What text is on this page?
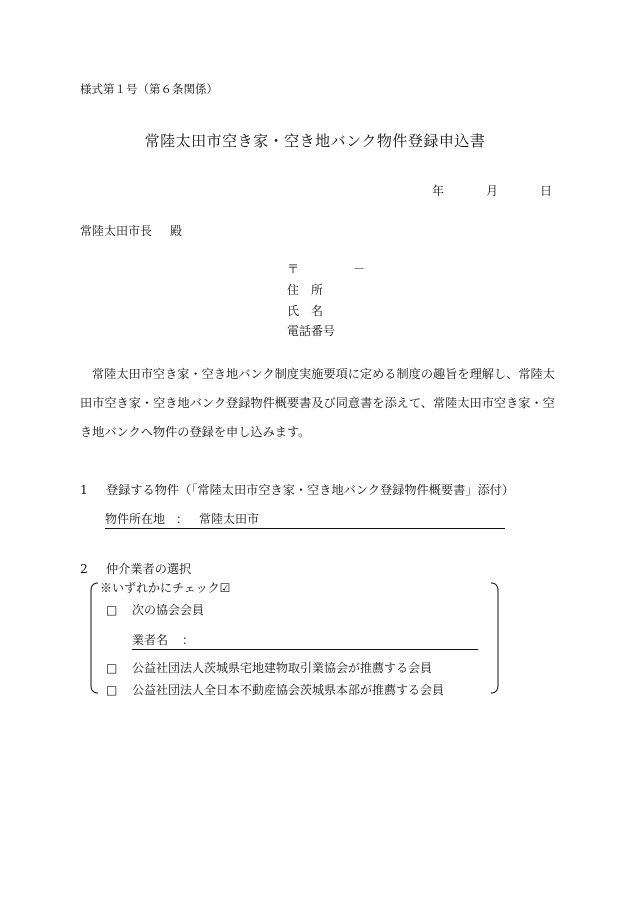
様式第１号（第６条関係）
常陸太田市空き家・空き地バンク物件登録申込書
年	月	日
常陸太田市長 殿
〒	－
住　所
氏　名
電話番号

常陸太田市空き家・空き地バンク制度実施要項に定める制度の趣旨を理解し、常陸太田市空き家・空き地バンク登録物件概要書及び同意書を添えて、常陸太田市空き家・空き地バンクへ物件の登録を申し込みます。

1 登録する物件（「常陸太田市空き家・空き地バンク登録物件概要書」添付）
物件所在地 ： 常陸太田市
2 仲介業者の選択
※いずれかにチェック☑
□ 次の協会会員
業者名 ：
□ 公益社団法人茨城県宅地建物取引業協会が推薦する会員
□ 公益社団法人全日本不動産協会茨城県本部が推薦する会員
